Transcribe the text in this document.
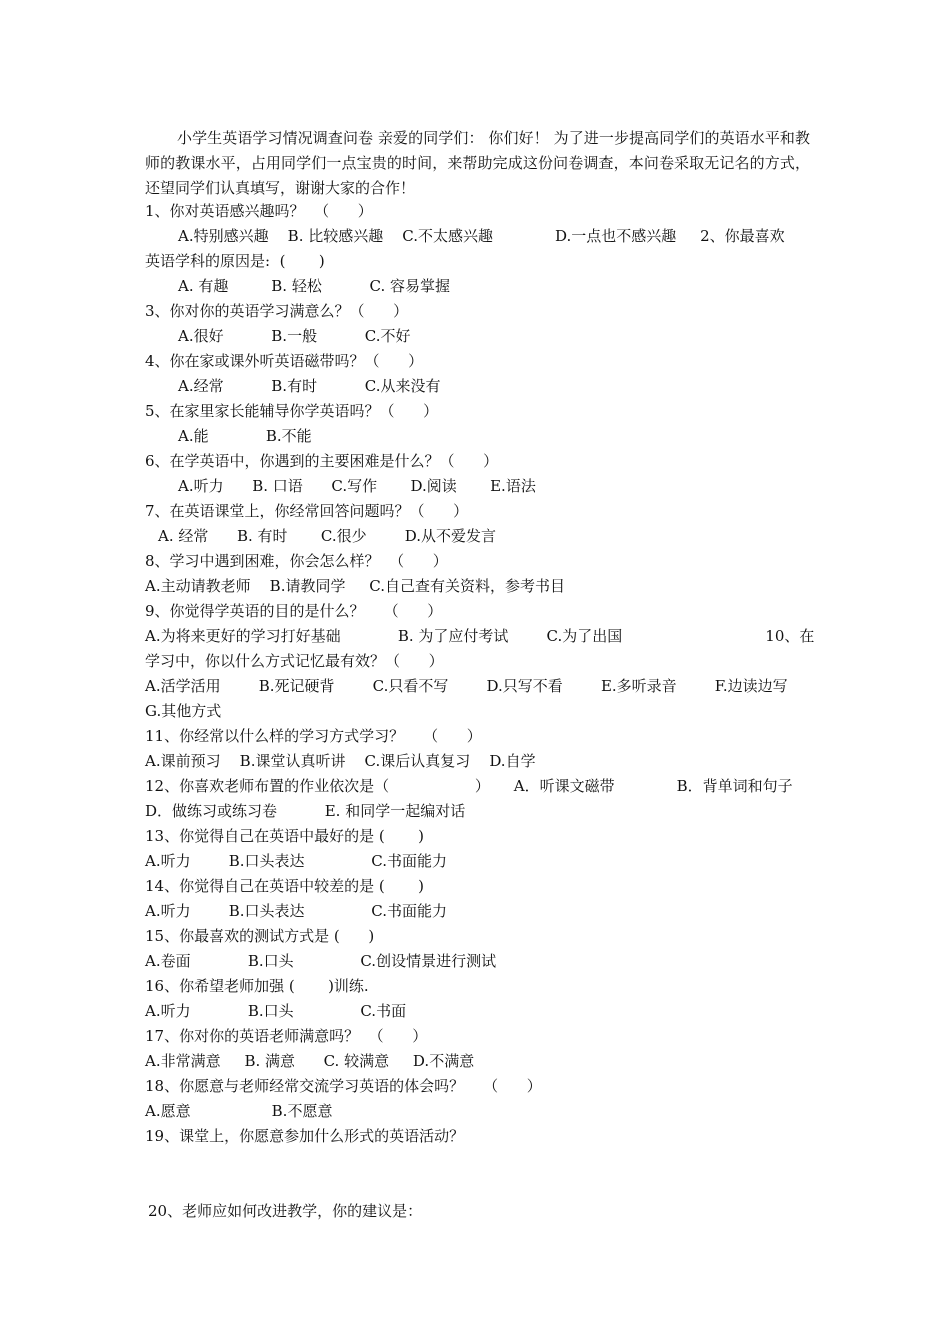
小学生英语学习情况调查问卷 亲爱的同学们： 你们好！ 为了进一步提高同学们的英语水平和教师的教课水平，占用同学们一点宝贵的时间，来帮助完成这份问卷调查，本问卷采取无记名的方式，还望同学们认真填写，谢谢大家的合作！
1、你对英语感兴趣吗？  （      ）
A.特别感兴趣    B. 比较感兴趣    C.不太感兴趣             D.一点也不感兴趣     2、你最喜欢
英语学科的原因是:  (       )
A. 有趣         B. 轻松          C. 容易掌握
3、你对你的英语学习满意么？（      ）
A.很好          B.一般          C.不好
4、你在家或课外听英语磁带吗？（      ）
A.经常          B.有时          C.从来没有
5、在家里家长能辅导你学英语吗？（      ）
A.能            B.不能
6、在学英语中，你遇到的主要困难是什么？（      ）
A.听力      B. 口语      C.写作       D.阅读       E.语法
7、在英语课堂上，你经常回答问题吗？（      ）
A. 经常      B. 有时       C.很少        D.从不爱发言
8、学习中遇到困难，你会怎么样？  （      ）
A.主动请教老师    B.请教同学     C.自己查有关资料，参考书目
9、你觉得学英语的目的是什么？    （      ）
A.为将来更好的学习打好基础            B. 为了应付考试        C.为了出国                              10、在
学习中，你以什么方式记忆最有效？（      ）
A.活学活用        B.死记硬背        C.只看不写        D.只写不看        E.多听录音        F.边读边写
G.其他方式
11、你经常以什么样的学习方式学习？    （      ）
A.课前预习    B.课堂认真听讲    C.课后认真复习    D.自学
12、你喜欢老师布置的作业依次是（                  ）     A．听课文磁带             B．背单词和句子
D．做练习或练习卷          E. 和同学一起编对话
13、你觉得自己在英语中最好的是 (       )
A.听力        B.口头表达              C.书面能力
14、你觉得自己在英语中较差的是 (       )
A.听力        B.口头表达              C.书面能力
15、你最喜欢的测试方式是 (      )
A.卷面            B.口头              C.创设情景进行测试
16、你希望老师加强 (       )训练.
A.听力            B.口头              C.书面
17、你对你的英语老师满意吗？  （      ）
A.非常满意     B. 满意      C. 较满意     D.不满意
18、你愿意与老师经常交流学习英语的体会吗？    （      ）
A.愿意                 B.不愿意
19、课堂上，你愿意参加什么形式的英语活动？
20、老师应如何改进教学，你的建议是：
